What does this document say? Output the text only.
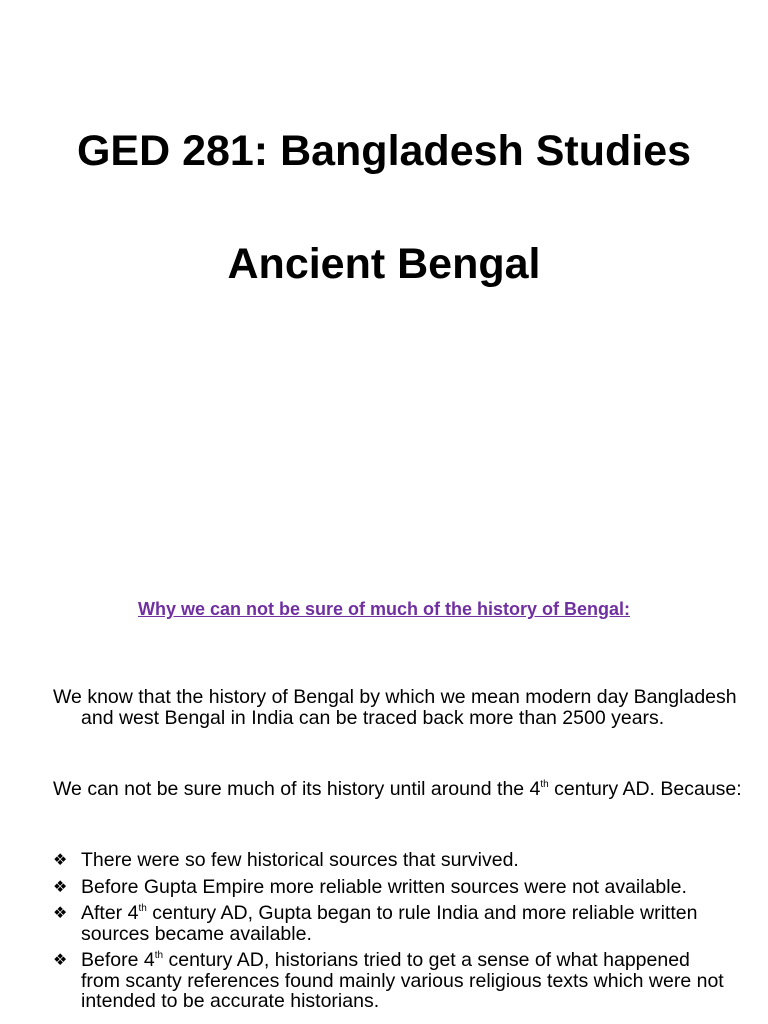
GED 281: Bangladesh Studies
Ancient Bengal
Why we can not be sure of much of the history of Bengal:
We know that the history of Bengal by which we mean modern day Bangladesh and west Bengal in India can be traced back more than 2500 years.
We can not be sure much of its history until around the 4th century AD. Because:
❖ There were so few historical sources that survived.
❖ Before Gupta Empire more reliable written sources were not available.
❖ After 4th century AD, Gupta began to rule India and more reliable written sources became available.
❖ Before 4th century AD, historians tried to get a sense of what happened from scanty references found mainly various religious texts which were not intended to be accurate historians.
